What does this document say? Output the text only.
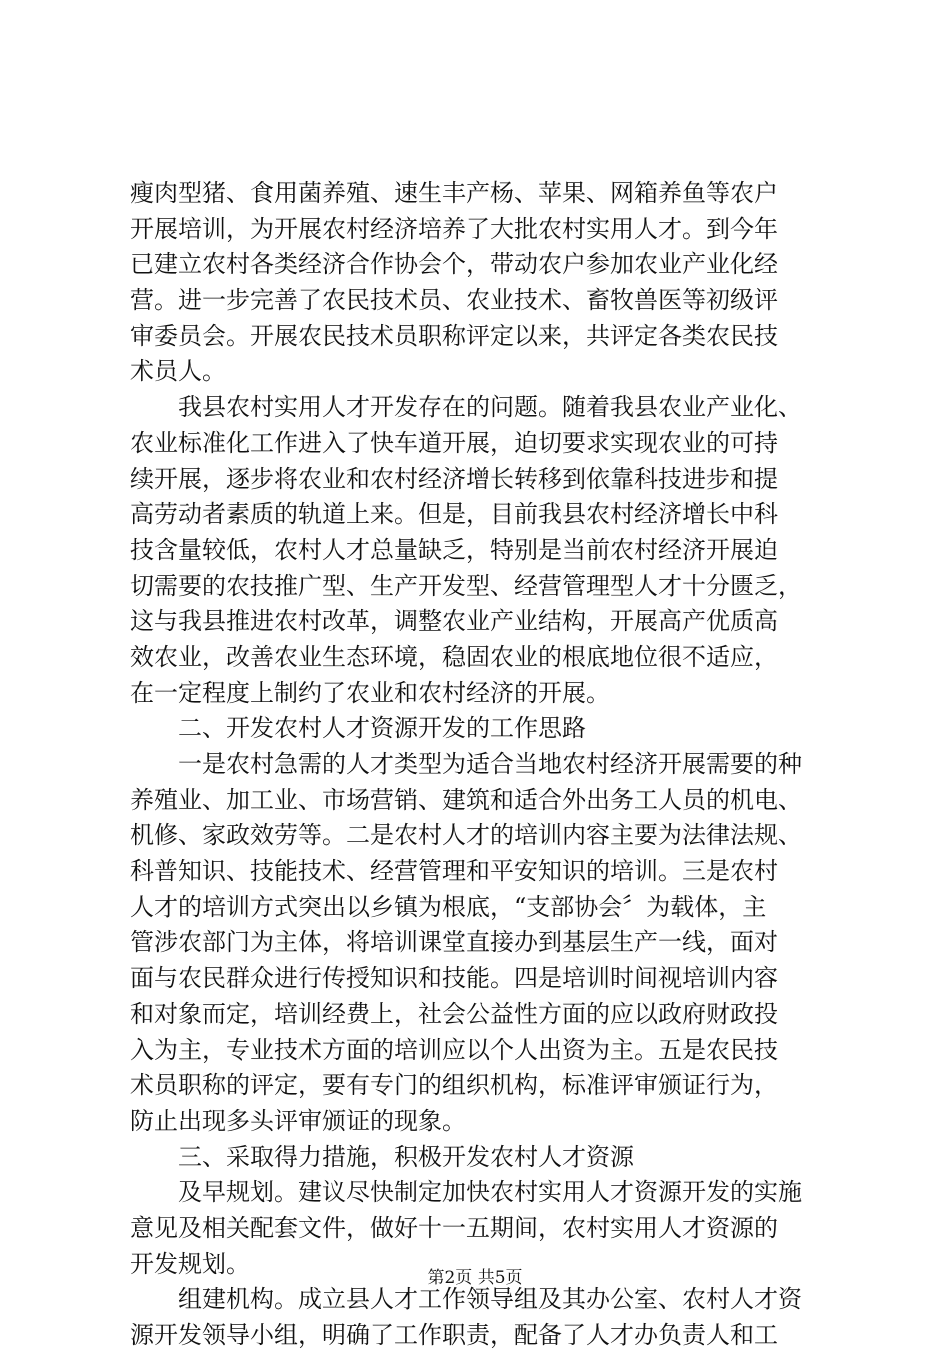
瘦肉型猪、食用菌养殖、速生丰产杨、苹果、网箱养鱼等农户
开展培训，为开展农村经济培养了大批农村实用人才。到今年
已建立农村各类经济合作协会个，带动农户参加农业产业化经
营。进一步完善了农民技术员、农业技术、畜牧兽医等初级评
审委员会。开展农民技术员职称评定以来，共评定各类农民技
术员人。
我县农村实用人才开发存在的问题。随着我县农业产业化、
农业标准化工作进入了快车道开展，迫切要求实现农业的可持
续开展，逐步将农业和农村经济增长转移到依靠科技进步和提
高劳动者素质的轨道上来。但是，目前我县农村经济增长中科
技含量较低，农村人才总量缺乏，特别是当前农村经济开展迫
切需要的农技推广型、生产开发型、经营管理型人才十分匮乏，
这与我县推进农村改革，调整农业产业结构，开展高产优质高
效农业，改善农业生态环境，稳固农业的根底地位很不适应，
在一定程度上制约了农业和农村经济的开展。
二、开发农村人才资源开发的工作思路
一是农村急需的人才类型为适合当地农村经济开展需要的种
养殖业、加工业、市场营销、建筑和适合外出务工人员的机电、
机修、家政效劳等。二是农村人才的培训内容主要为法律法规、
科普知识、技能技术、经营管理和平安知识的培训。三是农村
人才的培训方式突出以乡镇为根底，“支部协会〞为载体，主
管涉农部门为主体，将培训课堂直接办到基层生产一线，面对
面与农民群众进行传授知识和技能。四是培训时间视培训内容
和对象而定，培训经费上，社会公益性方面的应以政府财政投
入为主，专业技术方面的培训应以个人出资为主。五是农民技
术员职称的评定，要有专门的组织机构，标准评审颁证行为，
防止出现多头评审颁证的现象。
三、采取得力措施，积极开发农村人才资源
及早规划。建议尽快制定加快农村实用人才资源开发的实施
意见及相关配套文件，做好十一五期间，农村实用人才资源的
开发规划。
组建机构。成立县人才工作领导组及其办公室、农村人才资
源开发领导小组，明确了工作职责，配备了人才办负责人和工
第2页 共5页
